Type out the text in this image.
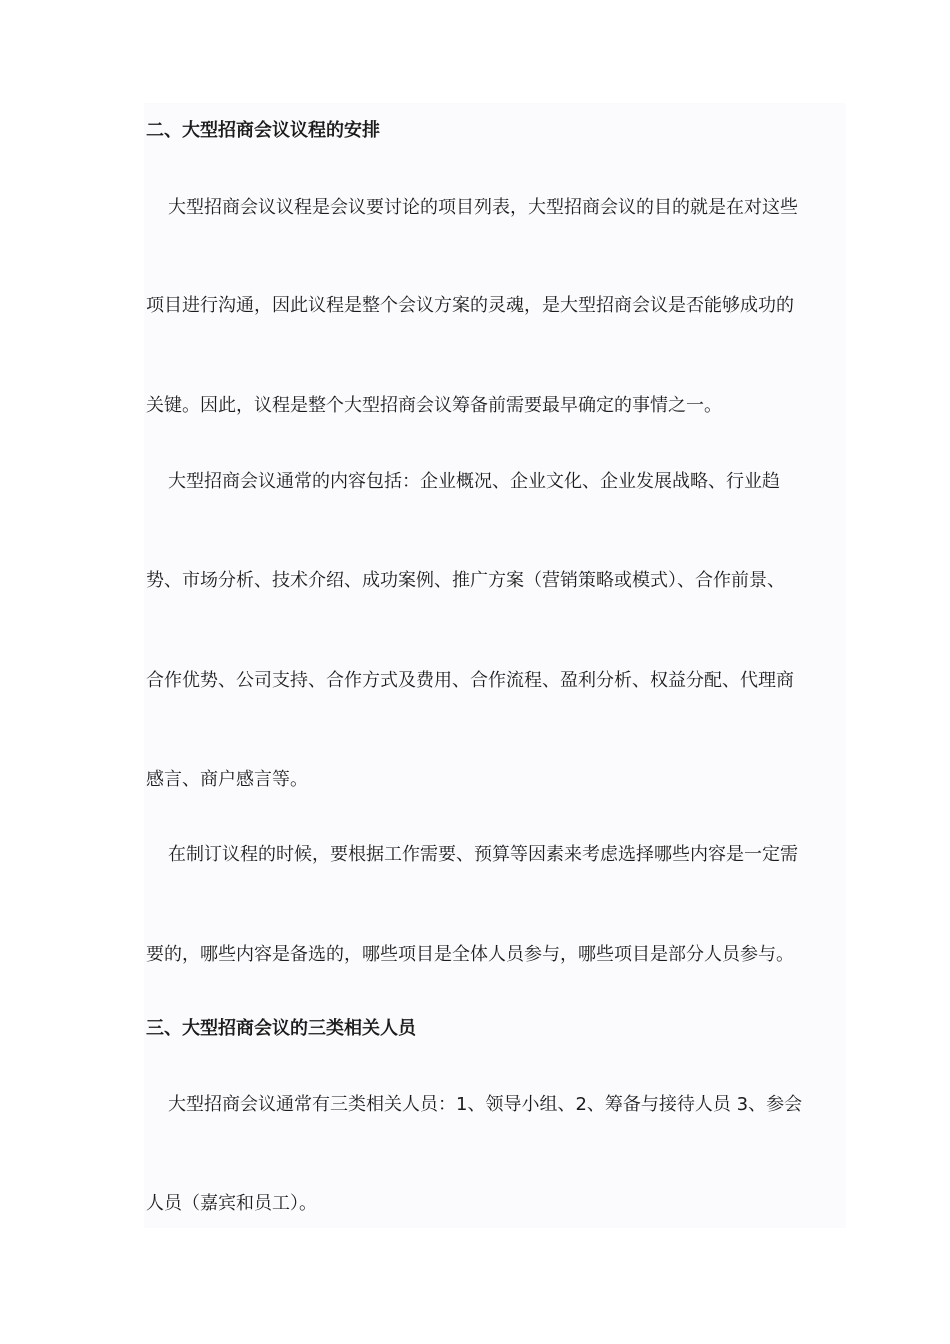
二、大型招商会议议程的安排
大型招商会议议程是会议要讨论的项目列表，大型招商会议的目的就是在对这些
项目进行沟通，因此议程是整个会议方案的灵魂，是大型招商会议是否能够成功的
关键。因此，议程是整个大型招商会议筹备前需要最早确定的事情之一。
大型招商会议通常的内容包括：企业概况、企业文化、企业发展战略、行业趋
势、市场分析、技术介绍、成功案例、推广方案（营销策略或模式）、合作前景、
合作优势、公司支持、合作方式及费用、合作流程、盈利分析、权益分配、代理商
感言、商户感言等。
在制订议程的时候，要根据工作需要、预算等因素来考虑选择哪些内容是一定需
要的，哪些内容是备选的，哪些项目是全体人员参与，哪些项目是部分人员参与。
三、大型招商会议的三类相关人员
大型招商会议通常有三类相关人员：1、领导小组、2、筹备与接待人员 3、参会
人员（嘉宾和员工）。
